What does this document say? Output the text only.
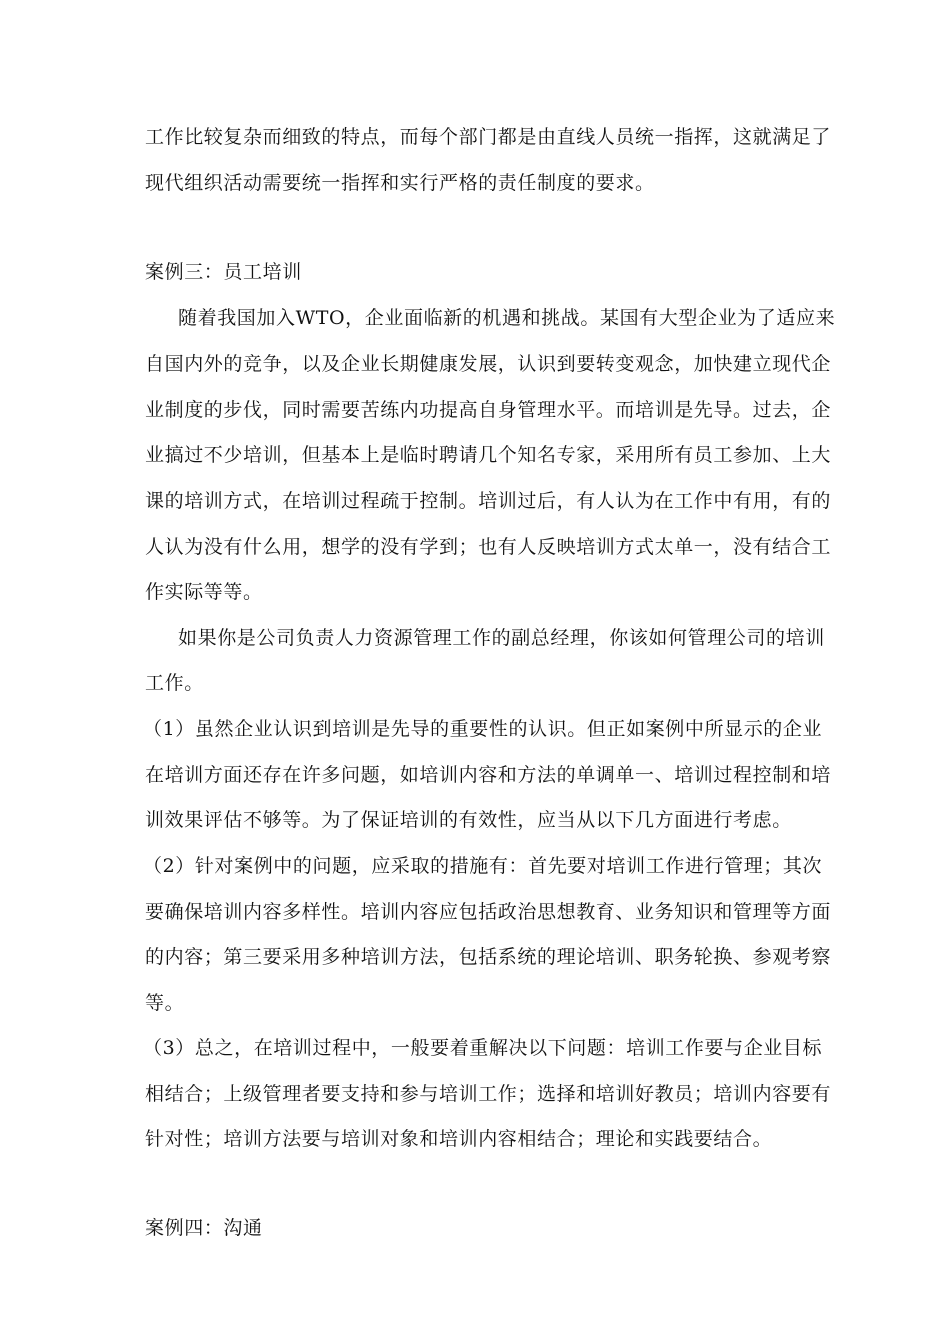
工作比较复杂而细致的特点，而每个部门都是由直线人员统一指挥，这就满足了
现代组织活动需要统一指挥和实行严格的责任制度的要求。
案例三：员工培训
随着我国加入WTO，企业面临新的机遇和挑战。某国有大型企业为了适应来
自国内外的竞争，以及企业长期健康发展，认识到要转变观念，加快建立现代企
业制度的步伐，同时需要苦练内功提高自身管理水平。而培训是先导。过去，企
业搞过不少培训，但基本上是临时聘请几个知名专家，采用所有员工参加、上大
课的培训方式，在培训过程疏于控制。培训过后，有人认为在工作中有用，有的
人认为没有什么用，想学的没有学到；也有人反映培训方式太单一，没有结合工
作实际等等。
如果你是公司负责人力资源管理工作的副总经理，你该如何管理公司的培训
工作。
（1）虽然企业认识到培训是先导的重要性的认识。但正如案例中所显示的企业
在培训方面还存在许多问题，如培训内容和方法的单调单一、培训过程控制和培
训效果评估不够等。为了保证培训的有效性，应当从以下几方面进行考虑。
（2）针对案例中的问题，应采取的措施有：首先要对培训工作进行管理；其次
要确保培训内容多样性。培训内容应包括政治思想教育、业务知识和管理等方面
的内容；第三要采用多种培训方法，包括系统的理论培训、职务轮换、参观考察
等。
（3）总之，在培训过程中，一般要着重解决以下问题：培训工作要与企业目标
相结合；上级管理者要支持和参与培训工作；选择和培训好教员；培训内容要有
针对性；培训方法要与培训对象和培训内容相结合；理论和实践要结合。
案例四：沟通
